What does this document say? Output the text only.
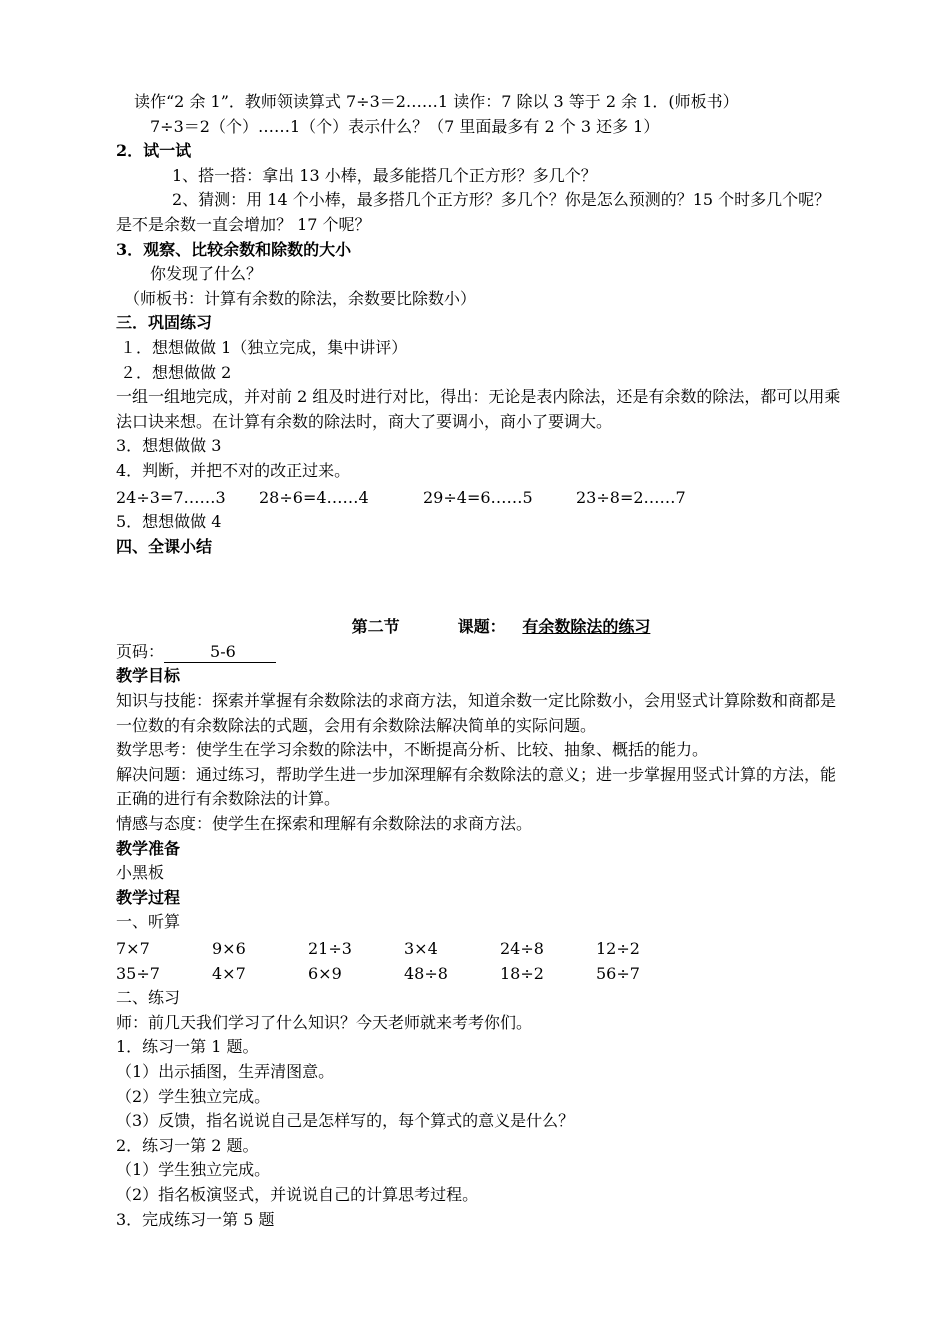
读作“2 余 1”．教师领读算式 7÷3＝2……1 读作：7 除以 3 等于 2 余 1．(师板书）
7÷3＝2（个）……1（个）表示什么？（7 里面最多有 2 个 3 还多 1）
2．试一试
1、搭一搭：拿出 13 小棒，最多能搭几个正方形？多几个？
2、猜测：用 14 个小棒，最多搭几个正方形？多几个？你是怎么预测的？15 个时多几个呢？是不是余数一直会增加？ 17 个呢？
3．观察、比较余数和除数的大小
你发现了什么？
（师板书：计算有余数的除法，余数要比除数小）
三．巩固练习
１．想想做做 1（独立完成，集中讲评）
２．想想做做 2
一组一组地完成，并对前 2 组及时进行对比，得出：无论是表内除法，还是有余数的除法，都可以用乘法口诀来想。在计算有余数的除法时，商大了要调小，商小了要调大。
3．想想做做 3
4．判断，并把不对的改正过来。
24÷3=7……3	28÷6=4……4	29÷4=6……5	23÷8=2……7
5．想想做做 4
四、全课小结
第二节	课题： 有余数除法的练习
页码：	5-6
教学目标
知识与技能：探索并掌握有余数除法的求商方法，知道余数一定比除数小，会用竖式计算除数和商都是一位数的有余数除法的式题，会用有余数除法解决简单的实际问题。
数学思考：使学生在学习余数的除法中，不断提高分析、比较、抽象、概括的能力。
解决问题：通过练习，帮助学生进一步加深理解有余数除法的意义；进一步掌握用竖式计算的方法，能正确的进行有余数除法的计算。
情感与态度：使学生在探索和理解有余数除法的求商方法。
教学准备
小黑板
教学过程
一、听算
7×7	9×6	21÷3	3×4	24÷8	12÷2
35÷7	4×7	6×9	48÷8	18÷2	56÷7
二、练习
师：前几天我们学习了什么知识？今天老师就来考考你们。
1．练习一第 1 题。
（1）出示插图，生弄清图意。
（2）学生独立完成。
（3）反馈，指名说说自己是怎样写的，每个算式的意义是什么？
2．练习一第 2 题。
（1）学生独立完成。
（2）指名板演竖式，并说说自己的计算思考过程。
3．完成练习一第 5 题
